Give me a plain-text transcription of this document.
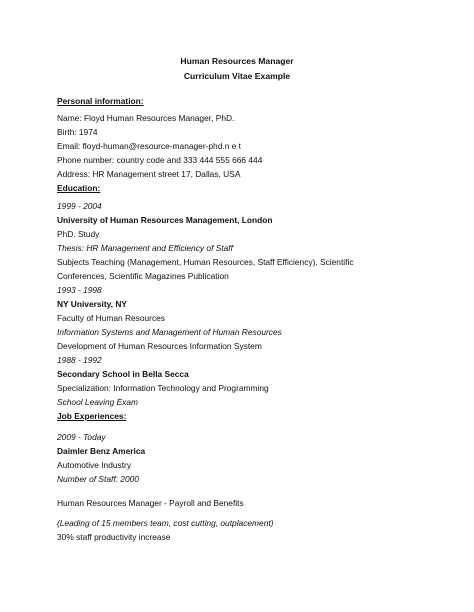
Human Resources Manager
Curriculum Vitae Example
Personal information:
Name: Floyd Human Resources Manager, PhD.
Birth: 1974
Email: floyd-human@resource-manager-phd.n e t
Phone number: country code and 333 444 555 666 444
Address: HR Management street 17, Dallas, USA
Education:
1999 - 2004
University of Human Resources Management, London
PhD. Study
Thesis: HR Management and Efficiency of Staff
Subjects Teaching (Management, Human Resources, Staff Efficiency), Scientific
Conferences, Scientific Magazines Publication
1993 - 1998
NY University, NY
Faculty of Human Resources
Information Systems and Management of Human Resources
Development of Human Resources Information System
1988 - 1992
Secondary School in Bella Secca
Specialization: Information Technology and Programming
School Leaving Exam
Job Experiences:
2009 - Today
Daimler Benz America
Automotive Industry
Number of Staff: 2000
Human Resources Manager - Payroll and Benefits
(Leading of 15 members team, cost cutting, outplacement)
30% staff productivity increase
